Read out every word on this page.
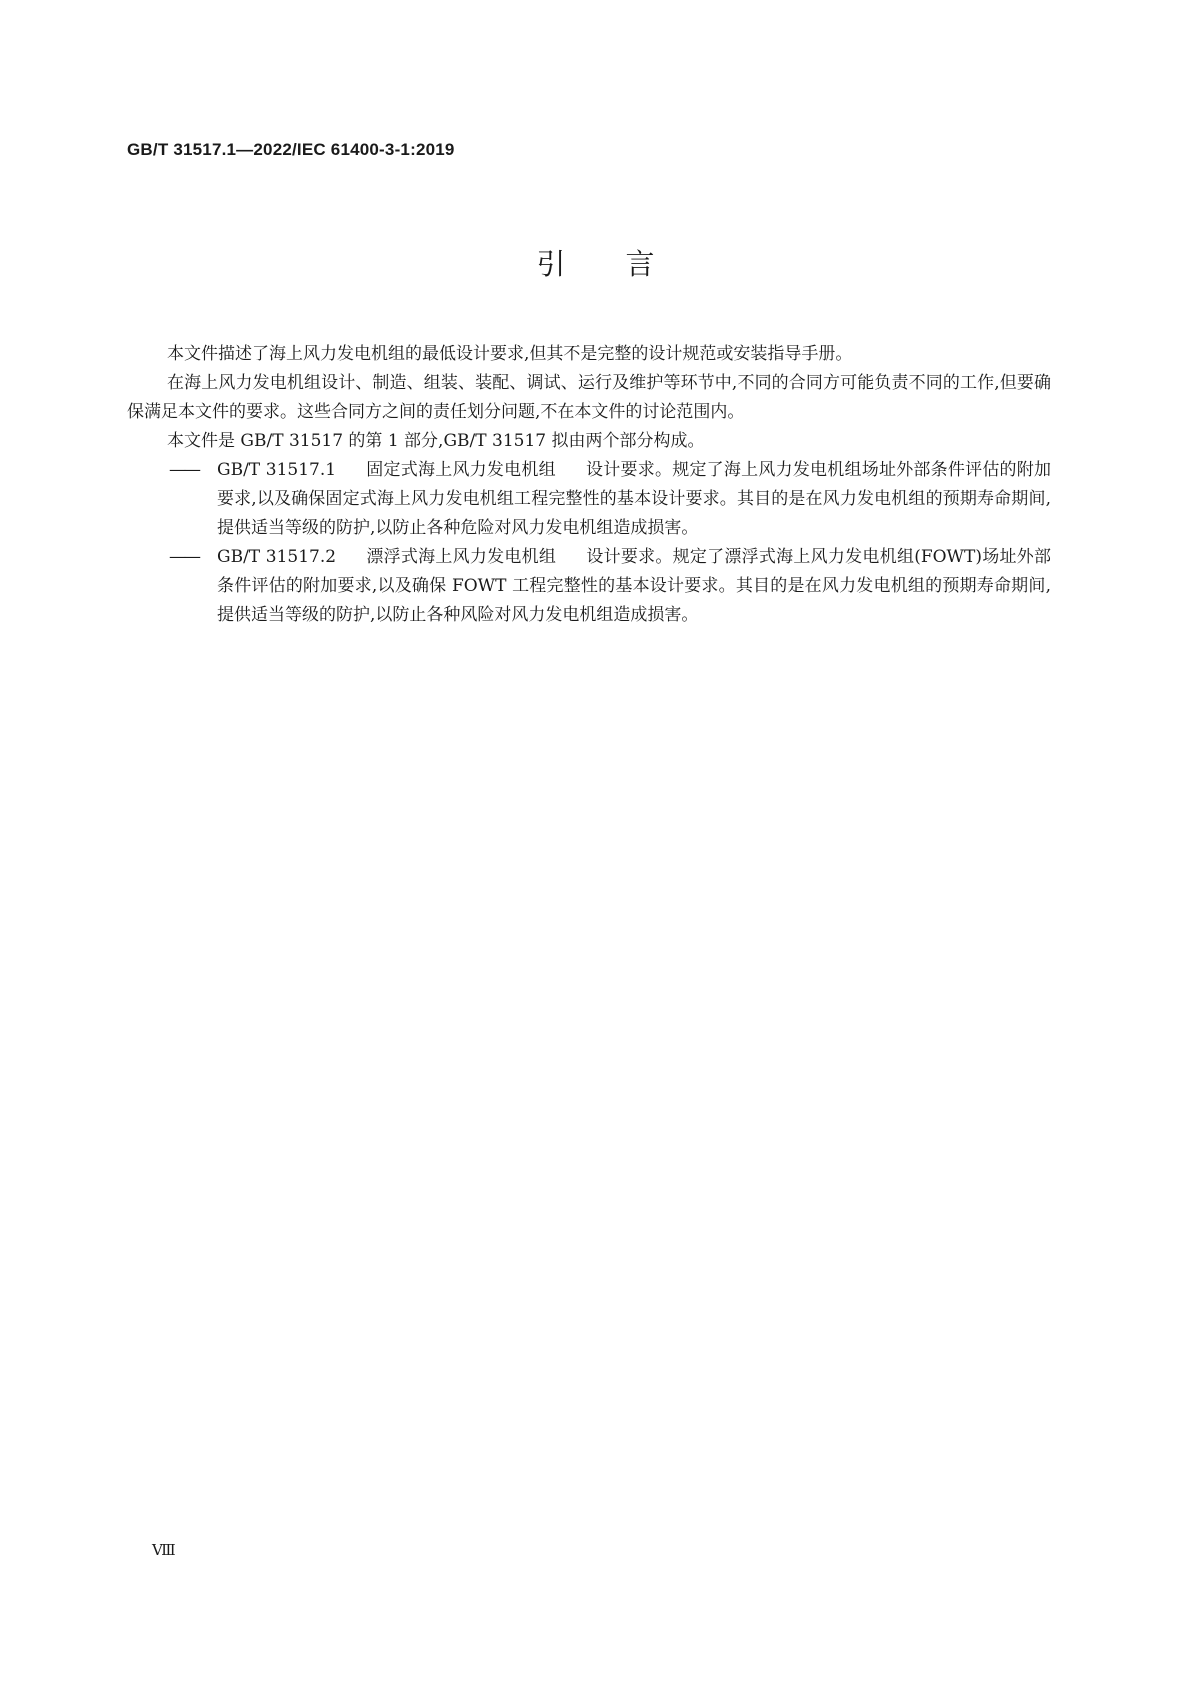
GB/T 31517.1—2022/IEC 61400-3-1:2019
引言

本文件描述了海上风力发电机组的最低设计要求,但其不是完整的设计规范或安装指导手册。

在海上风力发电机组设计、制造、组装、装配、调试、运行及维护等环节中,不同的合同方可能负责不同的工作,但要确保满足本文件的要求。这些合同方之间的责任划分问题,不在本文件的讨论范围内。

本文件是 GB/T 31517 的第 1 部分,GB/T 31517 拟由两个部分构成。

—— GB/T 31517.1 固定式海上风力发电机组 设计要求。规定了海上风力发电机组场址外部条件评估的附加要求,以及确保固定式海上风力发电机组工程完整性的基本设计要求。其目的是在风力发电机组的预期寿命期间,提供适当等级的防护,以防止各种危险对风力发电机组造成损害。
—— GB/T 31517.2 漂浮式海上风力发电机组 设计要求。规定了漂浮式海上风力发电机组(FOWT)场址外部条件评估的附加要求,以及确保 FOWT 工程完整性的基本设计要求。其目的是在风力发电机组的预期寿命期间,提供适当等级的防护,以防止各种风险对风力发电机组造成损害。
Ⅷ
